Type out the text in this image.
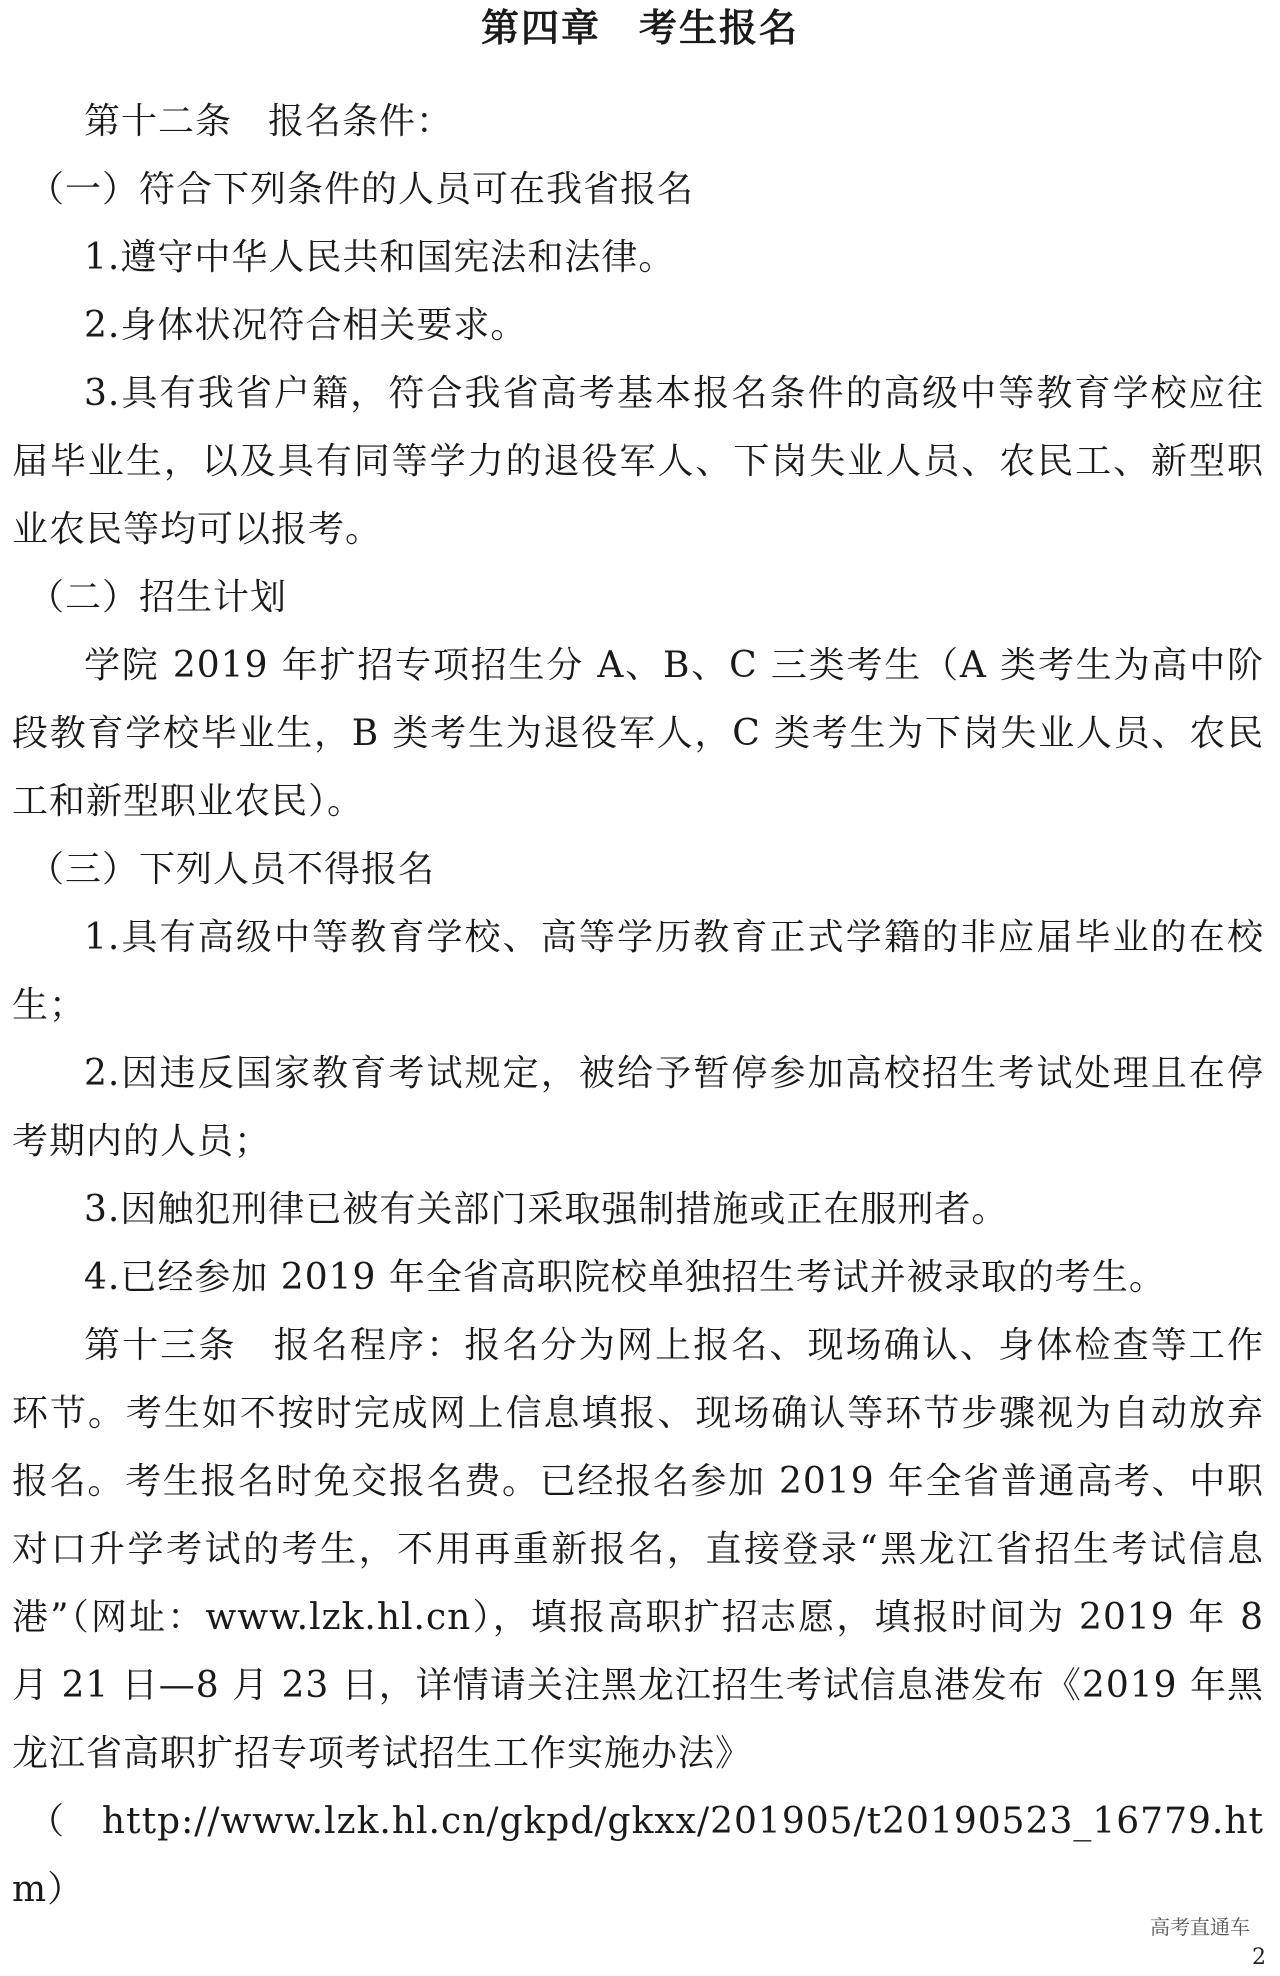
第四章 考生报名

第十二条 报名条件：

（一）符合下列条件的人员可在我省报名

1.遵守中华人民共和国宪法和法律。

2.身体状况符合相关要求。

3.具有我省户籍，符合我省高考基本报名条件的高级中等教育学校应往届毕业生，以及具有同等学力的退役军人、下岗失业人员、农民工、新型职业农民等均可以报考。

（二）招生计划

学院 2019 年扩招专项招生分 A、B、C 三类考生（A 类考生为高中阶段教育学校毕业生，B 类考生为退役军人，C 类考生为下岗失业人员、农民工和新型职业农民）。

（三）下列人员不得报名

1.具有高级中等教育学校、高等学历教育正式学籍的非应届毕业的在校生；

2.因违反国家教育考试规定，被给予暂停参加高校招生考试处理且在停考期内的人员；

3.因触犯刑律已被有关部门采取强制措施或正在服刑者。

4.已经参加 2019 年全省高职院校单独招生考试并被录取的考生。

第十三条 报名程序：报名分为网上报名、现场确认、身体检查等工作环节。考生如不按时完成网上信息填报、现场确认等环节步骤视为自动放弃报名。考生报名时免交报名费。已经报名参加 2019 年全省普通高考、中职对口升学考试的考生，不用再重新报名，直接登录“黑龙江省招生考试信息港”（网址：www.lzk.hl.cn），填报高职扩招志愿，填报时间为 2019 年 8 月 21 日—8 月 23 日，详情请关注黑龙江招生考试信息港发布《2019 年黑龙江省高职扩招专项考试招生工作实施办法》

（http://www.lzk.hl.cn/gkpd/gkxx/201905/t20190523_16779.htm）

高考直通车
2
